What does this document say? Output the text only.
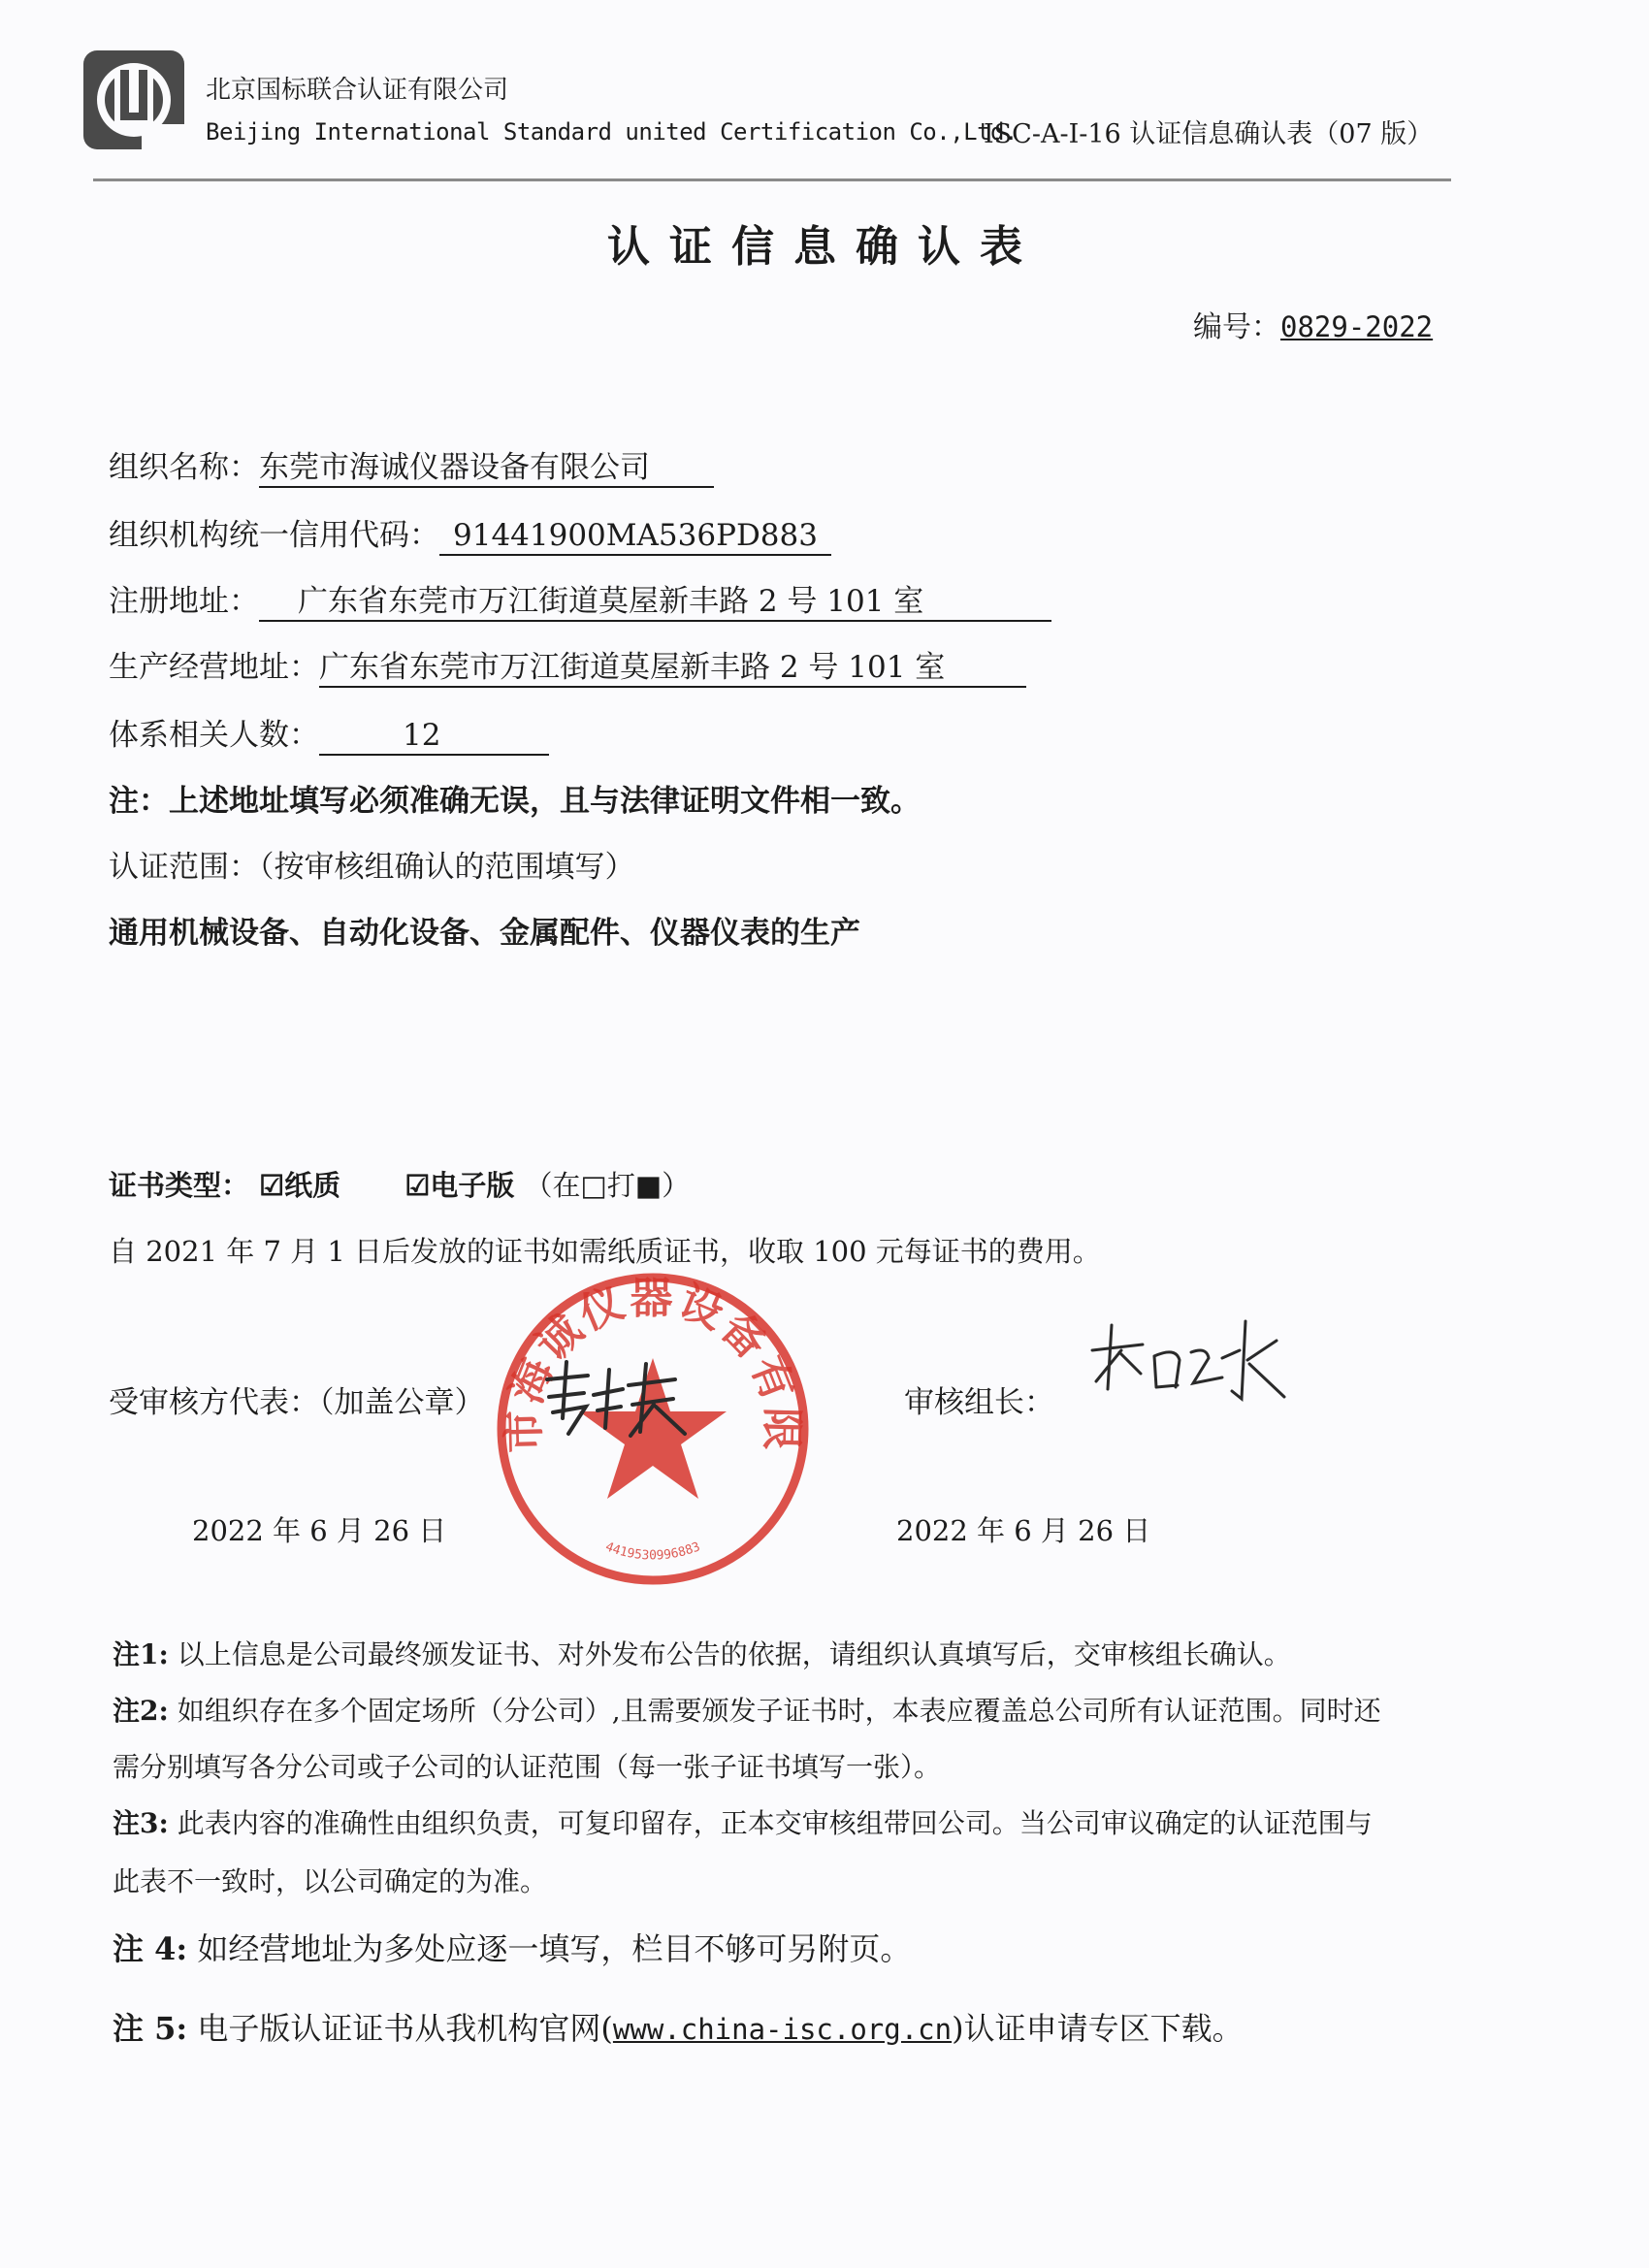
北京国标联合认证有限公司
Beijing International Standard united Certification Co.,Ltd.
ISC-A-I-16 认证信息确认表（07 版）
认证信息确认表
编号：0829-2022
组织名称：东莞市海诚仪器设备有限公司
组织机构统一信用代码： 91441900MA536PD883
注册地址： 广东省东莞市万江街道莫屋新丰路 2 号 101 室
生产经营地址：广东省东莞市万江街道莫屋新丰路 2 号 101 室
体系相关人数：	12
注：上述地址填写必须准确无误，且与法律证明文件相一致。
认证范围：（按审核组确认的范围填写）
通用机械设备、自动化设备、金属配件、仪器仪表的生产
证书类型： ☑纸质 ☑电子版 （在□打■）
自 2021 年 7 月 1 日后发放的证书如需纸质证书，收取 100 元每证书的费用。
受审核方代表：（加盖公章）	审核组长：
市海诚仪器设备有限
4419530996883
2022 年 6 月 26 日	2022 年 6 月 26 日
注1: 以上信息是公司最终颁发证书、对外发布公告的依据，请组织认真填写后，交审核组长确认。
注2: 如组织存在多个固定场所（分公司）,且需要颁发子证书时，本表应覆盖总公司所有认证范围。同时还
需分别填写各分公司或子公司的认证范围（每一张子证书填写一张）。
注3: 此表内容的准确性由组织负责，可复印留存，正本交审核组带回公司。当公司审议确定的认证范围与
此表不一致时，以公司确定的为准。
注 4: 如经营地址为多处应逐一填写，栏目不够可另附页。
注 5: 电子版认证证书从我机构官网(www.china-isc.org.cn)认证申请专区下载。
